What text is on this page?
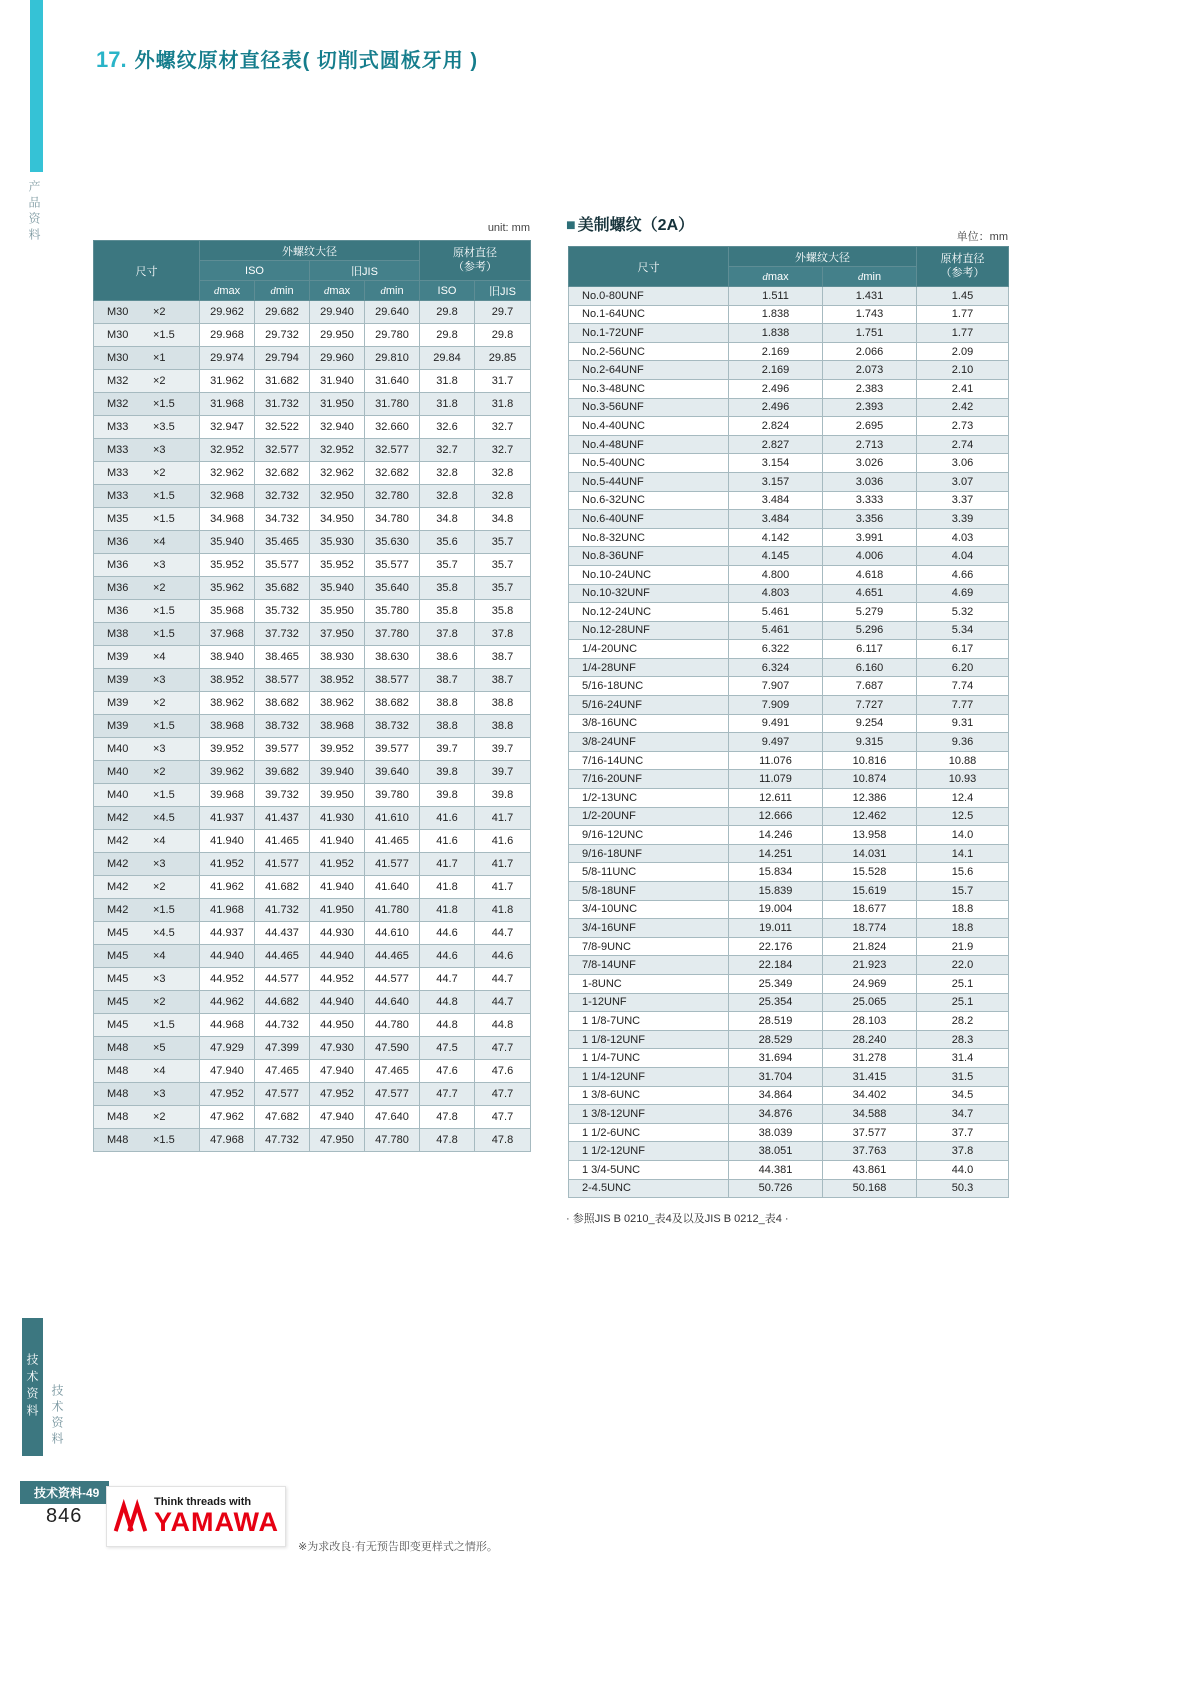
产品资料
技术资料 技术资料
17. 外螺纹原材直径表( 切削式圆板牙用 )
unit: mm ■ 美制螺纹（2A）
单位：mm
尺寸	外螺纹大径				原材直径
（参考）	
	ISO		旧JIS			
	dmax	dmin	dmax	dmin	ISO	旧JIS

M30 ×2	29.962	29.682	29.940	29.640	29.8	29.7

M30 ×1.5	29.968	29.732	29.950	29.780	29.8	29.8

M30 ×1	29.974	29.794	29.960	29.810	29.84	29.85

M32 ×2	31.962	31.682	31.940	31.640	31.8	31.7

M32 ×1.5	31.968	31.732	31.950	31.780	31.8	31.8

M33 ×3.5	32.947	32.522	32.940	32.660	32.6	32.7

M33 ×3	32.952	32.577	32.952	32.577	32.7	32.7

M33 ×2	32.962	32.682	32.962	32.682	32.8	32.8

M33 ×1.5	32.968	32.732	32.950	32.780	32.8	32.8

M35 ×1.5	34.968	34.732	34.950	34.780	34.8	34.8

M36 ×4	35.940	35.465	35.930	35.630	35.6	35.7

M36 ×3	35.952	35.577	35.952	35.577	35.7	35.7

M36 ×2	35.962	35.682	35.940	35.640	35.8	35.7

M36 ×1.5	35.968	35.732	35.950	35.780	35.8	35.8

M38 ×1.5	37.968	37.732	37.950	37.780	37.8	37.8

M39 ×4	38.940	38.465	38.930	38.630	38.6	38.7

M39 ×3	38.952	38.577	38.952	38.577	38.7	38.7

M39 ×2	38.962	38.682	38.962	38.682	38.8	38.8

M39 ×1.5	38.968	38.732	38.968	38.732	38.8	38.8

M40 ×3	39.952	39.577	39.952	39.577	39.7	39.7

M40 ×2	39.962	39.682	39.940	39.640	39.8	39.7

M40 ×1.5	39.968	39.732	39.950	39.780	39.8	39.8

M42 ×4.5	41.937	41.437	41.930	41.610	41.6	41.7

M42 ×4	41.940	41.465	41.940	41.465	41.6	41.6

M42 ×3	41.952	41.577	41.952	41.577	41.7	41.7

M42 ×2	41.962	41.682	41.940	41.640	41.8	41.7

M42 ×1.5	41.968	41.732	41.950	41.780	41.8	41.8

M45 ×4.5	44.937	44.437	44.930	44.610	44.6	44.7

M45 ×4	44.940	44.465	44.940	44.465	44.6	44.6

M45 ×3	44.952	44.577	44.952	44.577	44.7	44.7

M45 ×2	44.962	44.682	44.940	44.640	44.8	44.7

M45 ×1.5	44.968	44.732	44.950	44.780	44.8	44.8

M48 ×5	47.929	47.399	47.930	47.590	47.5	47.7

M48 ×4	47.940	47.465	47.940	47.465	47.6	47.6

M48 ×3	47.952	47.577	47.952	47.577	47.7	47.7

M48 ×2	47.962	47.682	47.940	47.640	47.8	47.7

M48 ×1.5	47.968	47.732	47.950	47.780	47.8	47.8
尺寸	外螺纹大径		原材直径
（参考）
	dmax	dmin	
No.0-80UNF	1.511	1.431	1.45
No.1-64UNC	1.838	1.743	1.77
No.1-72UNF	1.838	1.751	1.77
No.2-56UNC	2.169	2.066	2.09
No.2-64UNF	2.169	2.073	2.10
No.3-48UNC	2.496	2.383	2.41
No.3-56UNF	2.496	2.393	2.42
No.4-40UNC	2.824	2.695	2.73
No.4-48UNF	2.827	2.713	2.74
No.5-40UNC	3.154	3.026	3.06
No.5-44UNF	3.157	3.036	3.07
No.6-32UNC	3.484	3.333	3.37
No.6-40UNF	3.484	3.356	3.39
No.8-32UNC	4.142	3.991	4.03
No.8-36UNF	4.145	4.006	4.04
No.10-24UNC	4.800	4.618	4.66
No.10-32UNF	4.803	4.651	4.69
No.12-24UNC	5.461	5.279	5.32
No.12-28UNF	5.461	5.296	5.34
1/4-20UNC	6.322	6.117	6.17
1/4-28UNF	6.324	6.160	6.20
5/16-18UNC	7.907	7.687	7.74
5/16-24UNF	7.909	7.727	7.77
3/8-16UNC	9.491	9.254	9.31
3/8-24UNF	9.497	9.315	9.36
7/16-14UNC	11.076	10.816	10.88
7/16-20UNF	11.079	10.874	10.93
1/2-13UNC	12.611	12.386	12.4
1/2-20UNF	12.666	12.462	12.5
9/16-12UNC	14.246	13.958	14.0
9/16-18UNF	14.251	14.031	14.1
5/8-11UNC	15.834	15.528	15.6
5/8-18UNF	15.839	15.619	15.7
3/4-10UNC	19.004	18.677	18.8
3/4-16UNF	19.011	18.774	18.8
7/8-9UNC	22.176	21.824	21.9
7/8-14UNF	22.184	21.923	22.0
1-8UNC	25.349	24.969	25.1
1-12UNF	25.354	25.065	25.1
1 1/8-7UNC	28.519	28.103	28.2
1 1/8-12UNF	28.529	28.240	28.3
1 1/4-7UNC	31.694	31.278	31.4
1 1/4-12UNF	31.704	31.415	31.5
1 3/8-6UNC	34.864	34.402	34.5
1 3/8-12UNF	34.876	34.588	34.7
1 1/2-6UNC	38.039	37.577	37.7
1 1/2-12UNF	38.051	37.763	37.8
1 3/4-5UNC	44.381	43.861	44.0
2-4.5UNC	50.726	50.168	50.3
· 参照JIS B 0210_表4及以及JIS B 0212_表4 ·
技术资料-49
846
Think threads with
YAMAWA
※为求改良·有无预告即变更样式之情形。
